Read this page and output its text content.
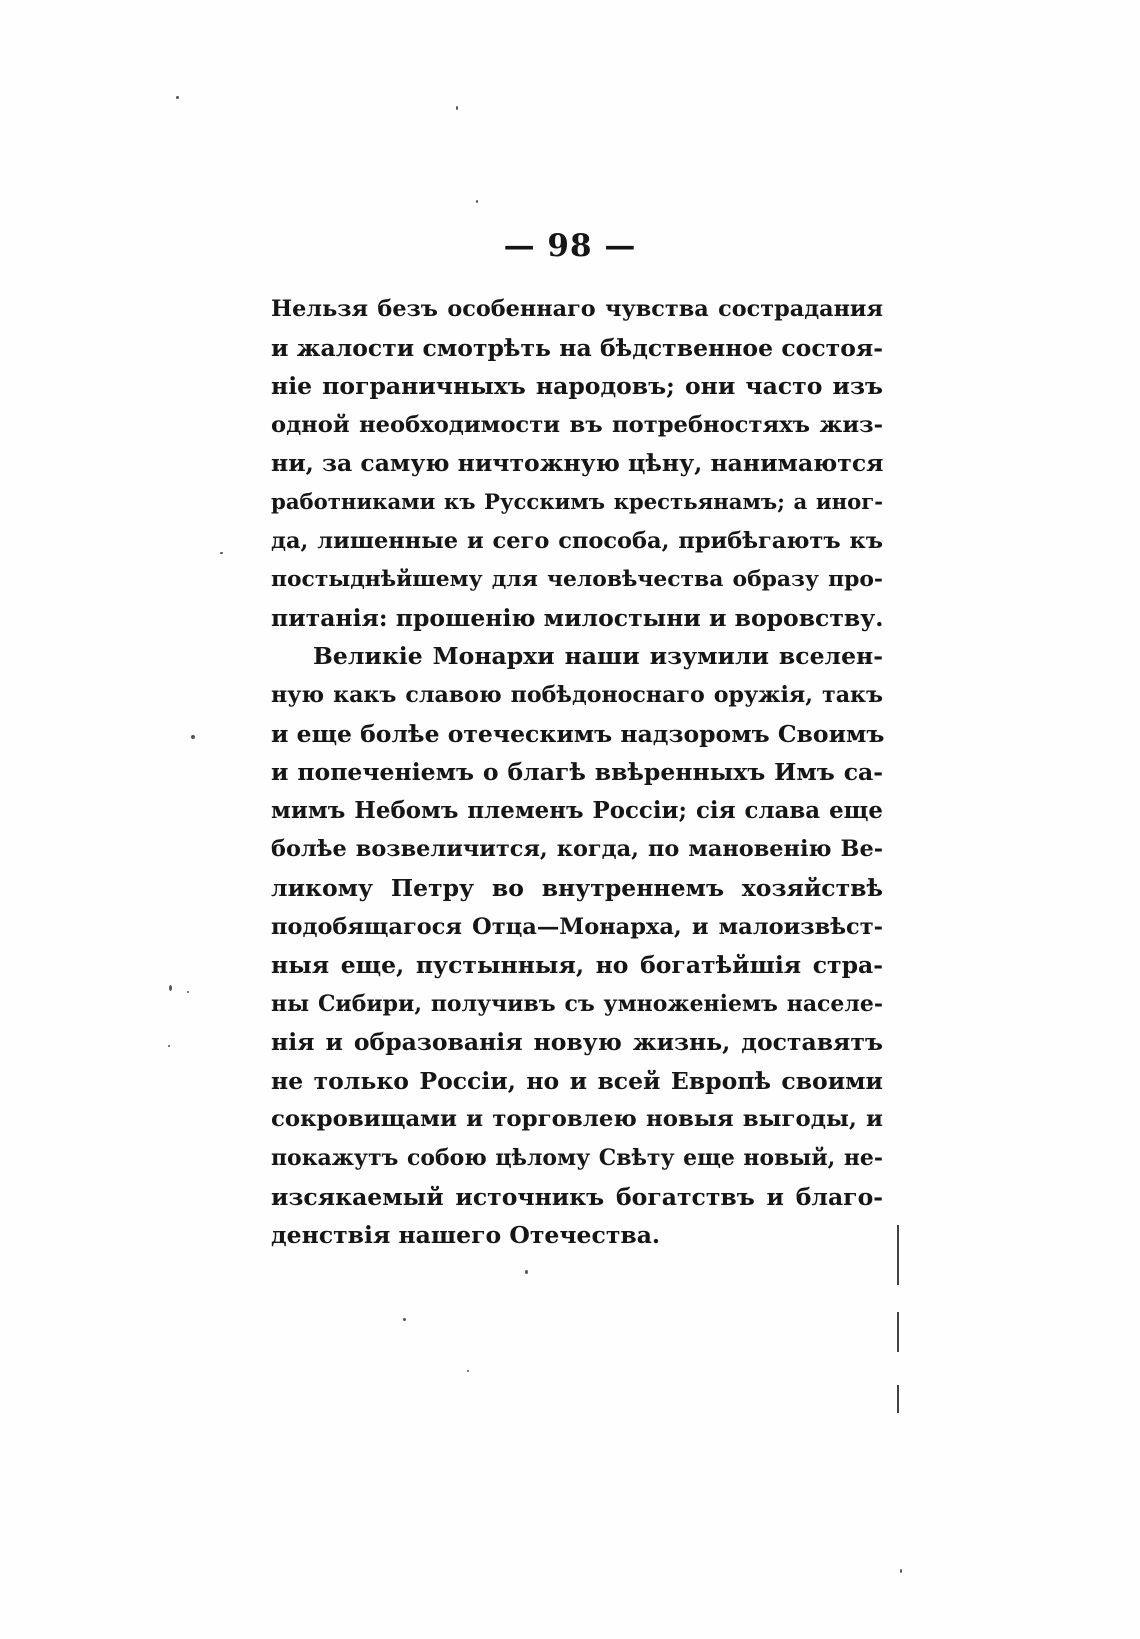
— 98 —
Нельзя безъ особеннаго чувства сострадания
и жалости смотрѣть на бѣдственное состоя-
ніе пограничныхъ народовъ; они часто изъ
одной необходимости въ потребностяхъ жиз-
ни, за самую ничтожную цѣну, нанимаются
работниками къ Русскимъ крестьянамъ; а иног-
да, лишенные и сего способа, прибѣгаютъ къ
постыднѣйшему для человѣчества образу про-
питанія: прошенію милостыни и воровству.
Великіе Монархи наши изумили вселен-
ную какъ славою побѣдоноснаго оружія, такъ
и еще болѣе отеческимъ надзоромъ Своимъ
и попеченіемъ о благѣ ввѣренныхъ Имъ са-
мимъ Небомъ племенъ Россіи; сія слава еще
болѣе возвеличится, когда, по мановенію Ве-
ликому Петру во внутреннемъ хозяйствѣ
подобящагося Отца—Монарха, и малоизвѣст-
ныя еще, пустынныя, но богатѣйшія стра-
ны Сибири, получивъ съ умноженіемъ населе-
нія и образованія новую жизнь, доставятъ
не только Россіи, но и всей Европѣ своими
сокровищами и торговлею новыя выгоды, и
покажутъ собою цѣлому Свѣту еще новый, не-
изсякаемый источникъ богатствъ и благо-
денствія нашего Отечества.
